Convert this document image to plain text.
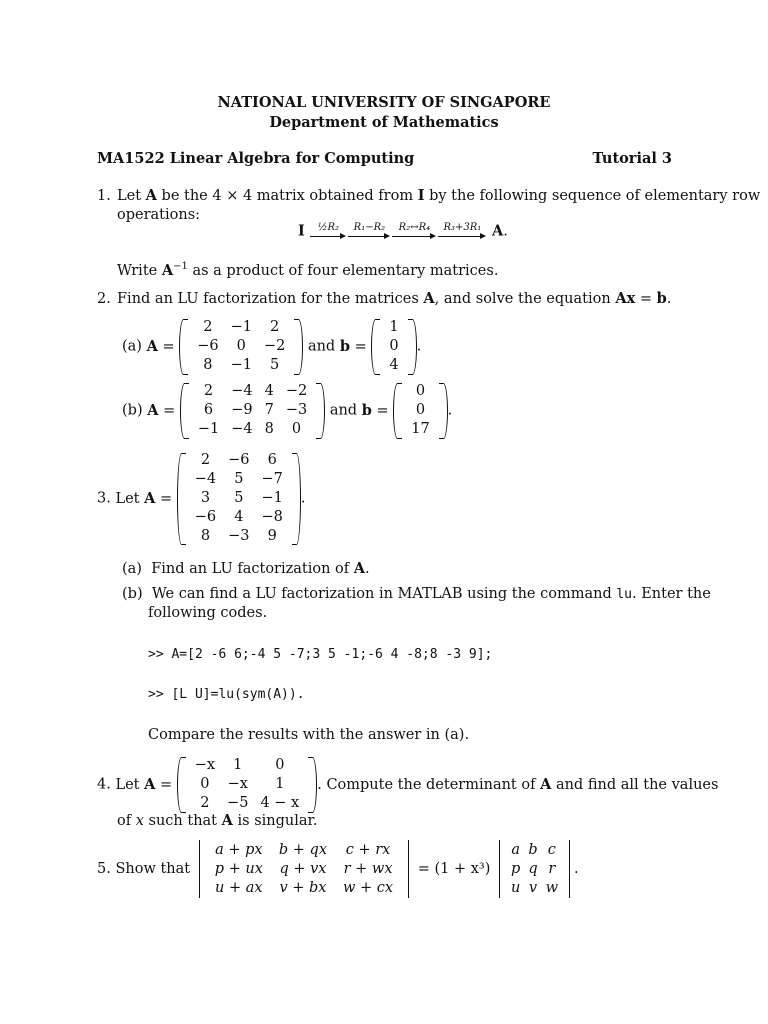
NATIONAL UNIVERSITY OF SINGAPORE
Department of Mathematics
MA1522 Linear Algebra for Computing	Tutorial 3
1. Let A be the 4 × 4 matrix obtained from I by the following sequence of elementary row
operations:
I	½R₂	R₁−R₂	R₂↔R₄	R₃+3R₁ A.
Write $A^{-1}$ as a product of four elementary matrices.
2. Find an LU factorization for the matrices A, and solve the equation Ax = b.
(a) A =
2	−1	2
−6	0	−2
8	−1	5
and b =
1
0
4
.
(b) A =
2	−4	4	−2
6	−9	7	−3
−1	−4	8	0
and b =
0
0
17
.
3. Let A =
2	−6	6
−4	5	−7
3	5	−1
−6	4	−8
8	−3	9
.
(a) Find an LU factorization of A.
(b) We can find a LU factorization in MATLAB using the command lu. Enter the
following codes.
>> A=[2 -6 6;-4 5 -7;3 5 -1;-6 4 -8;8 -3 9];
>> [L U]=lu(sym(A)).
Compare the results with the answer in (a).
4. Let A =
−x	1	0
0	−x	1
2	−5	4 − x
. Compute the determinant of A and find all the values
of x such that A is singular.
5. Show that
a + px	b + qx	c + rx
p + ux	q + vx	r + wx
u + ax	v + bx	w + cx
= (1 + x³)
a	b	c
p	q	r
u	v	w
.
